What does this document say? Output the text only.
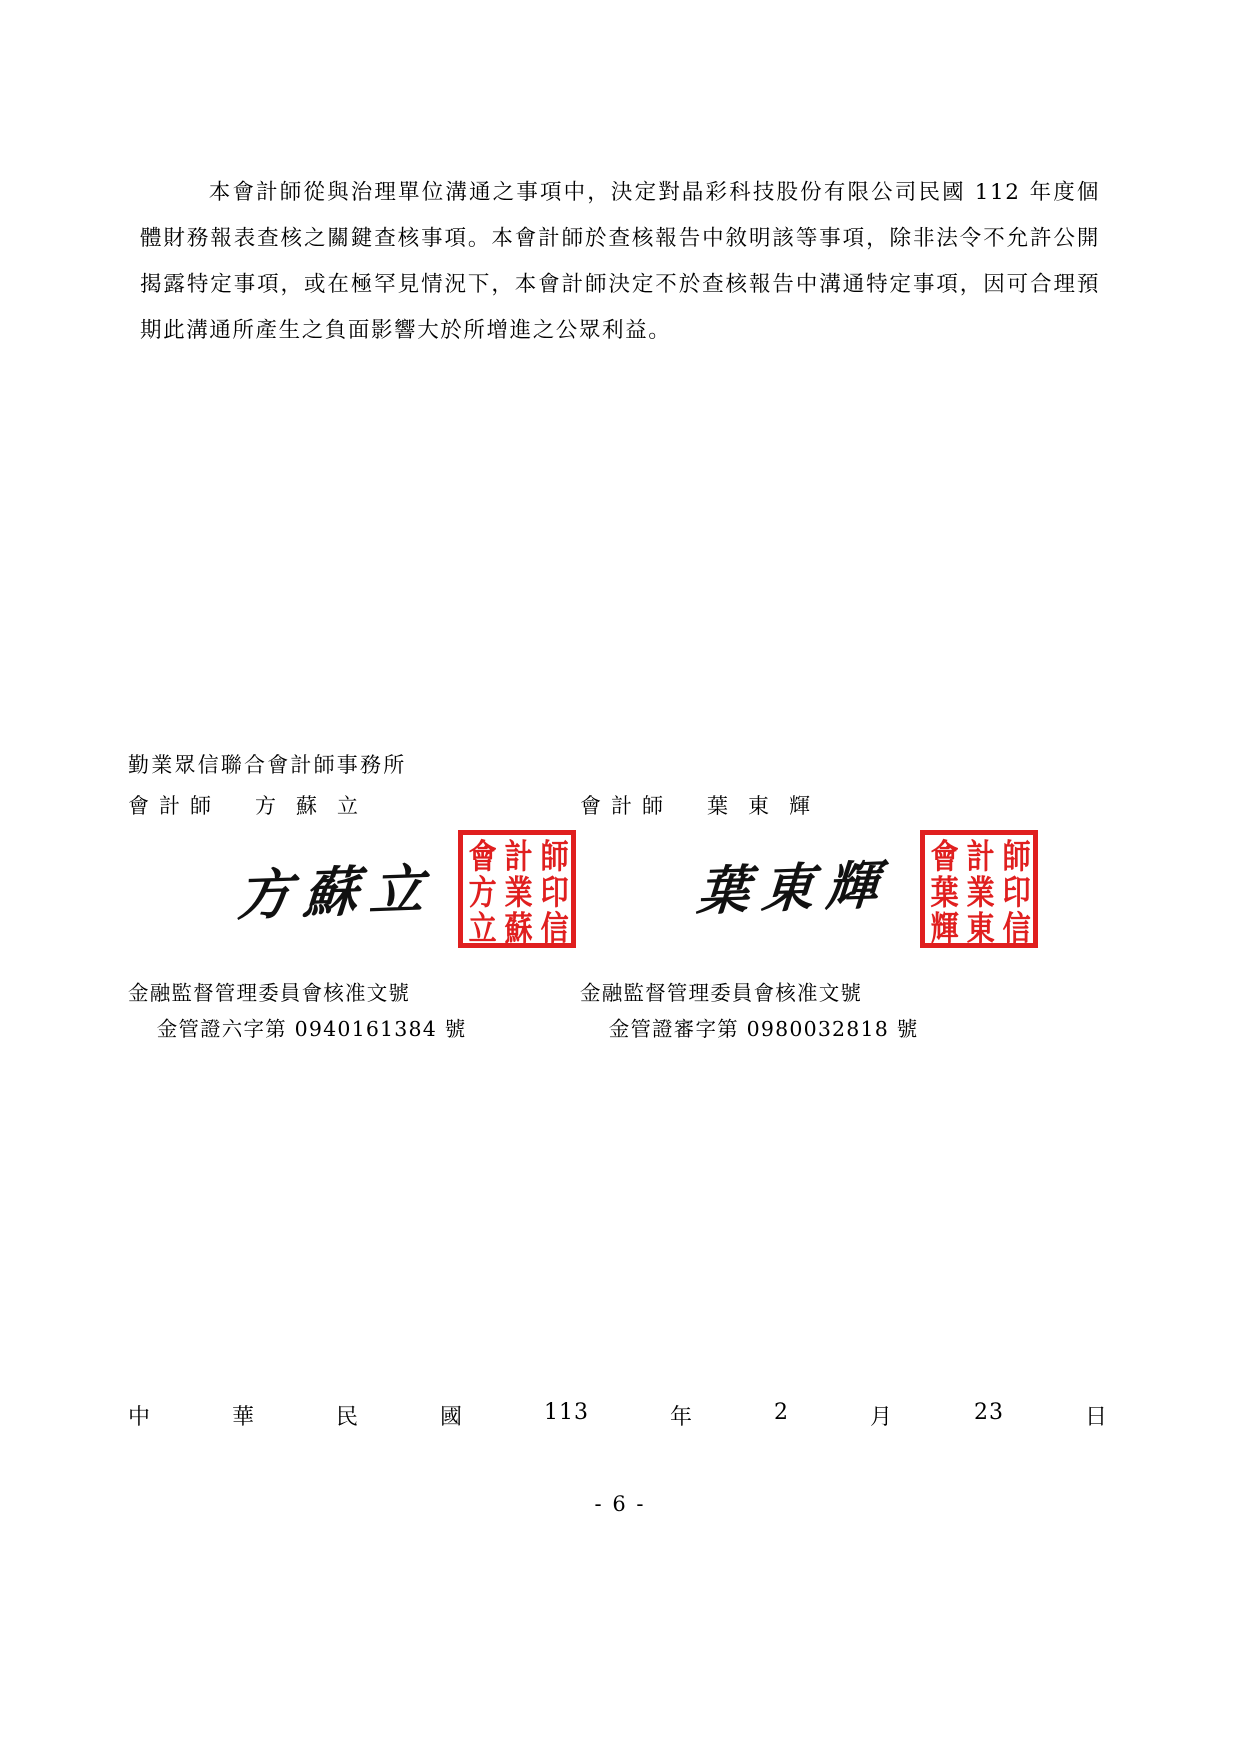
本會計師從與治理單位溝通之事項中，決定對晶彩科技股份有限公司民國 112 年度個體財務報表查核之關鍵查核事項。本會計師於查核報告中敘明該等事項，除非法令不允許公開揭露特定事項，或在極罕見情況下，本會計師決定不於查核報告中溝通特定事項，因可合理預期此溝通所產生之負面影響大於所增進之公眾利益。

勤業眾信聯合會計師事務所
會計師 方蘇立
方蘇立
會 計 師
方 業 印
立 蘇 信
會計師 葉東輝
葉東輝
會 計 師
葉 業 印
輝 東 信
金融監督管理委員會核准文號
金管證六字第 0940161384 號
金融監督管理委員會核准文號
金管證審字第 0980032818 號
中	華	民	國	113	年	2	月	23	日
- 6 -
